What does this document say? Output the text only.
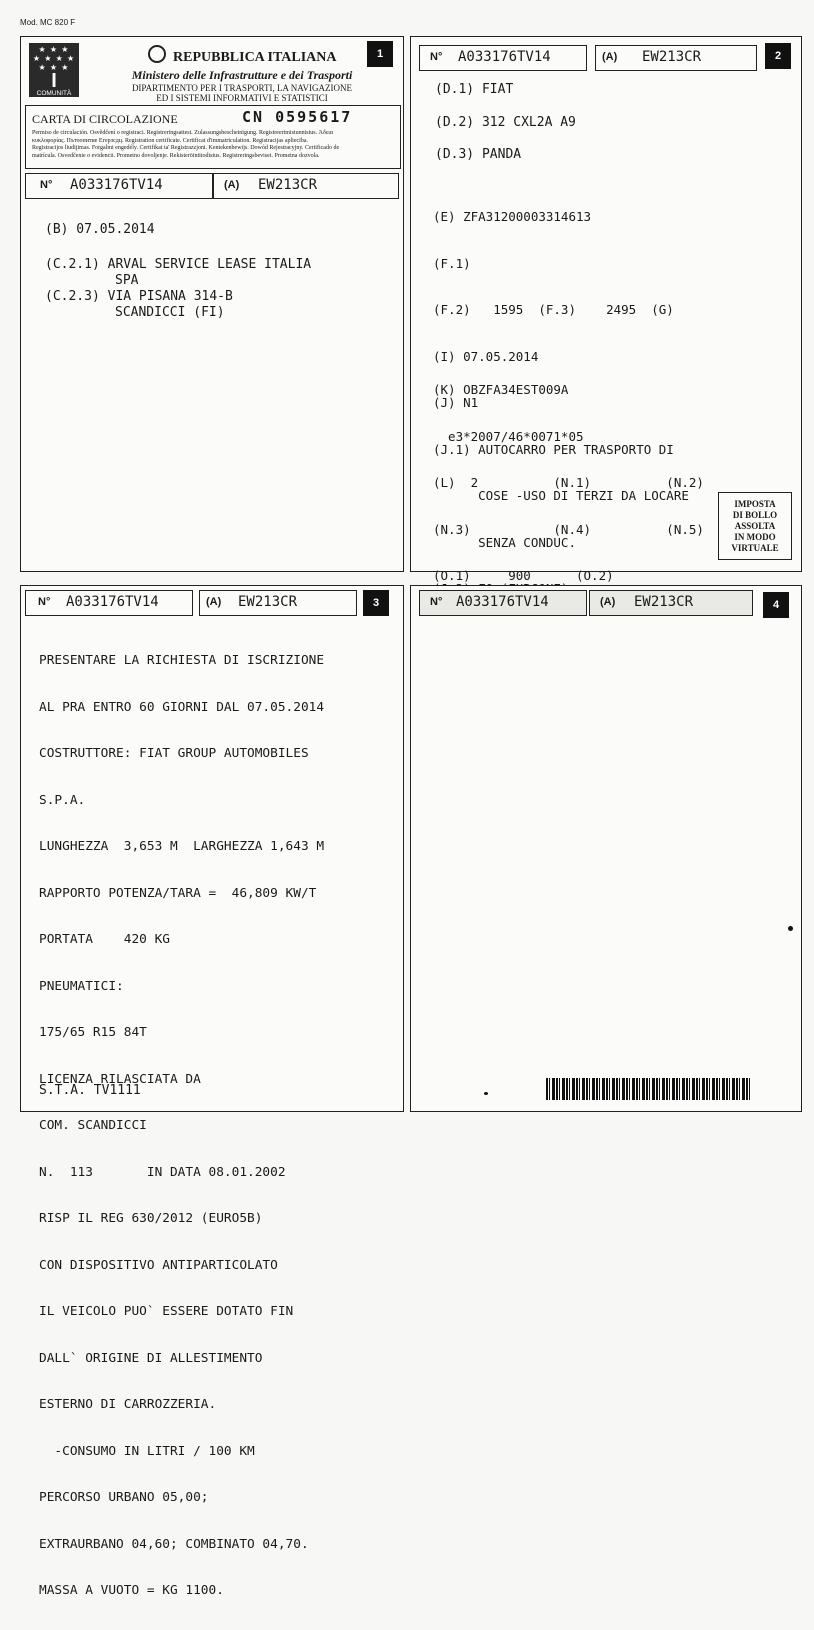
Mod. MC 820 F
★ ★ ★
★ ★ ★ ★
★ ★ ★
I
COMUNITÀ
EUROPEA
REPUBBLICA ITALIANA
Ministero delle Infrastrutture e dei Trasporti
DIPARTIMENTO PER I TRASPORTI, LA NAVIGAZIONE
ED I SISTEMI INFORMATIVI E STATISTICI
1
CARTA DI CIRCOLAZIONE	CN 0595617
Permiso de circulación. Osvědčení o registraci. Registreringsattest. Zulassungsbescheinigung. Registreerimistunnistus. Άδεια
κυκλοφορίας. Пътоопитие Егерзсдц. Registration certificate. Certificat d'immatriculation. Registracijas apliecība.
Registracijos liudijimas. Forgalmi engedély. Certifikat ta' Registrazzjoni. Kentekenbewijs. Dowód Rejestracyjny. Certificado de
matrícula. Osvedčenie o evidencii. Prometno dovoljenje. Rekisteröintitodistus. Registreringsbeviset. Prometna dozvola.
N° A033176TV14	(A) EW213CR
(B) 07.05.2014
(C.2.1) ARVAL SERVICE LEASE ITALIA
SPA
(C.2.3) VIA PISANA 314-B
SCANDICCI (FI)
N° A033176TV14	(A) EW213CR	2
(D.1) FIAT
(D.2) 312 CXL2A A9
(D.3) PANDA

(E) ZFA31200003314613

(F.1)

(F.2)   1595  (F.3)    2495  (G)

(I) 07.05.2014

(J) N1

(J.1) AUTOCARRO PER TRASPORTO DI

COSE -USO DI TERZI DA LOCARE

SENZA CONDUC.

(K) OBZFA34EST009A

e3*2007/46*0071*05

(L)  2          (N.1)          (N.2)

(N.3)           (N.4)          (N.5)

(O.1)     900      (O.2)

IMPOSTA
DI BOLLO
ASSOLTA
IN MODO
VIRTUALE
N° A033176TV14	(A) EW213CR	3

PRESENTARE LA RICHIESTA DI ISCRIZIONE

AL PRA ENTRO 60 GIORNI DAL 07.05.2014

COSTRUTTORE: FIAT GROUP AUTOMOBILES

S.P.A.

LUNGHEZZA  3,653 M  LARGHEZZA 1,643 M

RAPPORTO POTENZA/TARA =  46,809 KW/T

PORTATA    420 KG

PNEUMATICI:

175/65 R15 84T

LICENZA RILASCIATA DA

COM. SCANDICCI

N.  113       IN DATA 08.01.2002

RISP IL REG 630/2012 (EURO5B)

CON DISPOSITIVO ANTIPARTICOLATO

IL VEICOLO PUO` ESSERE DOTATO FIN

DALL` ORIGINE DI ALLESTIMENTO

ESTERNO DI CARROZZERIA.

-CONSUMO IN LITRI / 100 KM

PERCORSO URBANO 05,00;

EXTRAURBANO 04,60; COMBINATO 04,70.

MASSA A VUOTO = KG 1100.

S.T.A. TV1111
N° A033176TV14	(A) EW213CR	4
